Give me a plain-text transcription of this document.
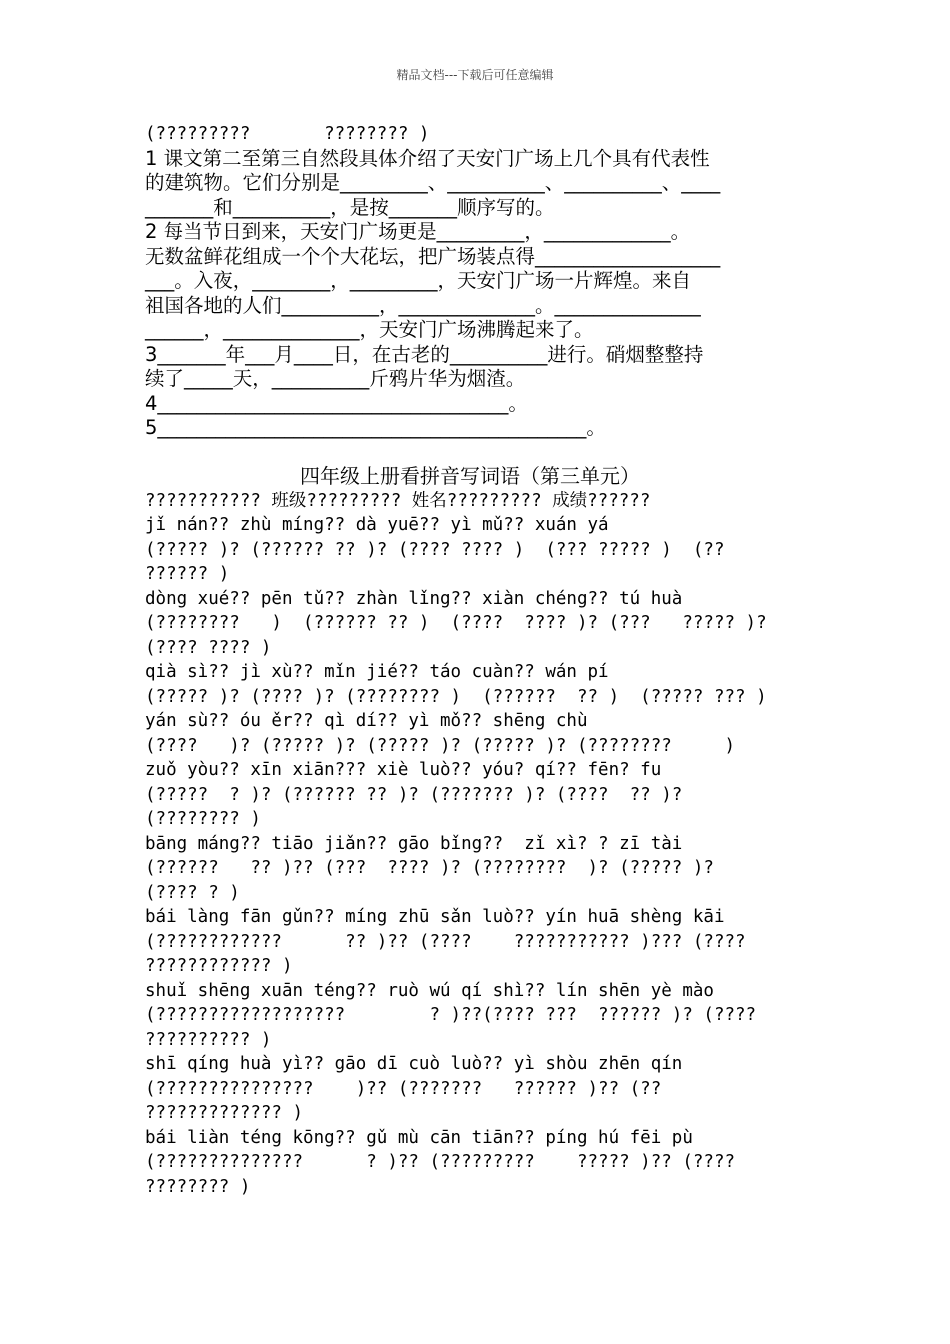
精品文档---下载后可任意编辑
(?????????       ???????? )
1 课文第二至第三自然段具体介绍了天安门广场上几个具有代表性
的建筑物。它们分别是_________、__________、__________、____
_______和__________，是按_______顺序写的。
2 每当节日到来，天安门广场更是_________，_____________。
无数盆鲜花组成一个个大花坛，把广场装点得___________________
___。入夜，________，_________，天安门广场一片辉煌。来自
祖国各地的人们__________，______________。_______________
______，______________，天安门广场沸腾起来了。
3_______年___月____日，在古老的__________进行。硝烟整整持
续了_____天，__________斤鸦片华为烟渣。
4____________________________________。
5____________________________________________。
四年级上册看拼音写词语（第三单元）
??????????? 班级????????? 姓名????????? 成绩??????
jǐ nán?? zhù míng?? dà yuē?? yì mǔ?? xuán yá
(????? )? (?????? ?? )? (???? ???? )  (??? ????? )  (??
?????? )
dòng xué?? pēn tǔ?? zhàn lǐng?? xiàn chéng?? tú huà
(????????   )  (?????? ?? )  (????  ???? )? (???   ????? )?
(???? ???? )
qià sì?? jì xù?? mǐn jié?? táo cuàn?? wán pí
(????? )? (???? )? (???????? )  (??????  ?? )  (????? ??? )
yán sù?? óu ěr?? qì dí?? yì mǒ?? shēng chù
(????   )? (????? )? (????? )? (????? )? (????????     )
zuǒ yòu?? xīn xiān??? xiè luò?? yóu? qí?? fēn? fu
(?????  ? )? (?????? ?? )? (??????? )? (????  ?? )?
(???????? )
bāng máng?? tiāo jiǎn?? gāo bǐng??  zǐ xì? ? zī tài
(??????   ?? )?? (???  ???? )? (????????  )? (????? )?
(???? ? )
bái làng fān gǔn?? míng zhū sǎn luò?? yín huā shèng kāi
(????????????      ?? )?? (????    ??????????? )??? (????
???????????? )
shuǐ shēng xuān téng?? ruò wú qí shì?? lín shēn yè mào
(??????????????????        ? )??(???? ???  ?????? )? (????
?????????? )
shī qíng huà yì?? gāo dī cuò luò?? yì shòu zhēn qín
(???????????????    )?? (???????   ?????? )?? (??
????????????? )
bái liàn téng kōng?? gǔ mù cān tiān?? píng hú fēi pù
(??????????????      ? )?? (?????????    ????? )?? (????
???????? )
